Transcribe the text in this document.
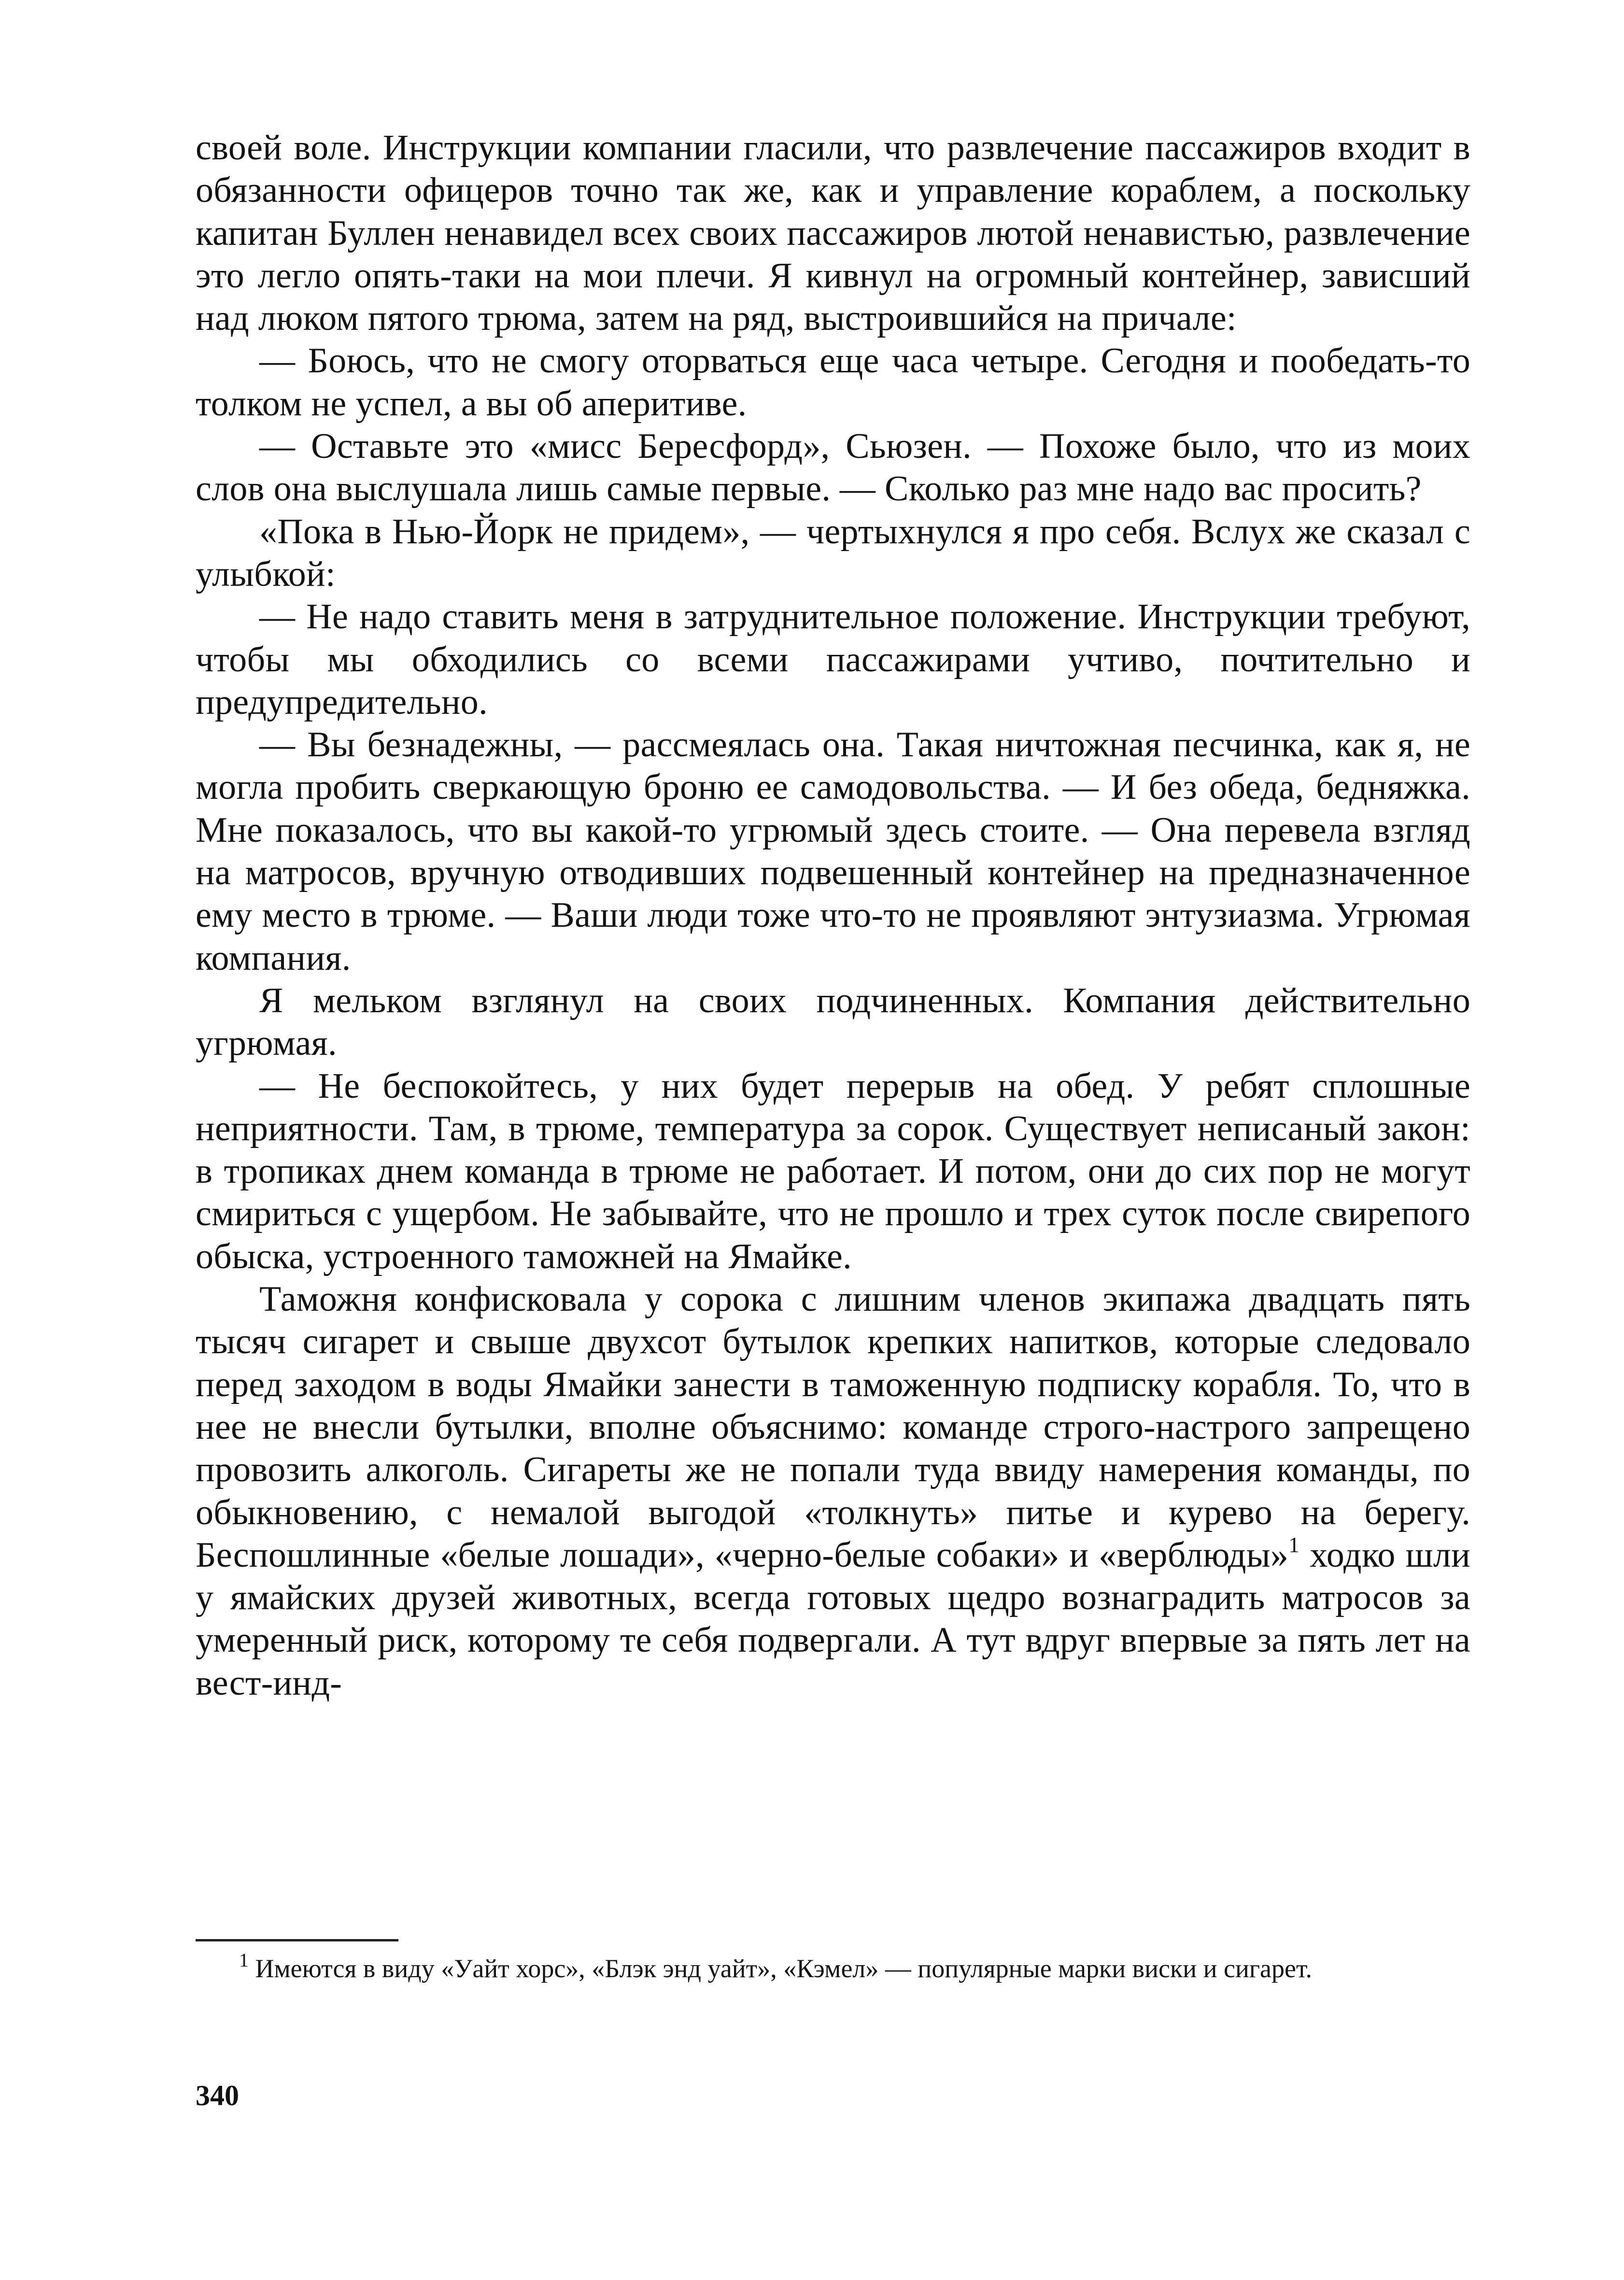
своей воле. Инструкции компании гласили, что развлечение пассажиров входит в обязанности офицеров точно так же, как и управление кораблем, а поскольку капитан Буллен ненавидел всех своих пассажиров лютой ненавистью, развлечение это легло опять-таки на мои плечи. Я кивнул на огромный контейнер, зависший над люком пятого трюма, затем на ряд, выстроившийся на причале:

— Боюсь, что не смогу оторваться еще часа четыре. Сегодня и пообедать-то толком не успел, а вы об аперитиве.

— Оставьте это «мисс Бересфорд», Сьюзен. — Похоже было, что из моих слов она выслушала лишь самые первые. — Сколько раз мне надо вас просить?

«Пока в Нью-Йорк не придем», — чертыхнулся я про себя. Вслух же сказал с улыбкой:

— Не надо ставить меня в затруднительное положение. Инструкции требуют, чтобы мы обходились со всеми пассажирами учтиво, почтительно и предупредительно.

— Вы безнадежны, — рассмеялась она. Такая ничтожная песчинка, как я, не могла пробить сверкающую броню ее самодовольства. — И без обеда, бедняжка. Мне показалось, что вы какой-то угрюмый здесь стоите. — Она перевела взгляд на матросов, вручную отводивших подвешенный контейнер на предназначенное ему место в трюме. — Ваши люди тоже что-то не проявляют энтузиазма. Угрюмая компания.

Я мельком взглянул на своих подчиненных. Компания действительно угрюмая.

— Не беспокойтесь, у них будет перерыв на обед. У ребят сплошные неприятности. Там, в трюме, температура за сорок. Существует неписаный закон: в тропиках днем команда в трюме не работает. И потом, они до сих пор не могут смириться с ущербом. Не забывайте, что не прошло и трех суток после свирепого обыска, устроенного таможней на Ямайке.

Таможня конфисковала у сорока с лишним членов экипажа двадцать пять тысяч сигарет и свыше двухсот бутылок крепких напитков, которые следовало перед заходом в воды Ямайки занести в таможенную подписку корабля. То, что в нее не внесли бутылки, вполне объяснимо: команде строго-настрого запрещено провозить алкоголь. Сигареты же не попали туда ввиду намерения команды, по обыкновению, с немалой выгодой «толкнуть» питье и курево на берегу. Беспошлинные «белые лошади», «черно-белые собаки» и «верблюды»$^1$ ходко шли у ямайских друзей животных, всегда готовых щедро вознаградить матросов за умеренный риск, которому те себя подвергали. А тут вдруг впервые за пять лет на вест-инд-

$^1$ Имеются в виду «Уайт хорс», «Блэк энд уайт», «Кэмел» — популярные марки виски и сигарет.
340
